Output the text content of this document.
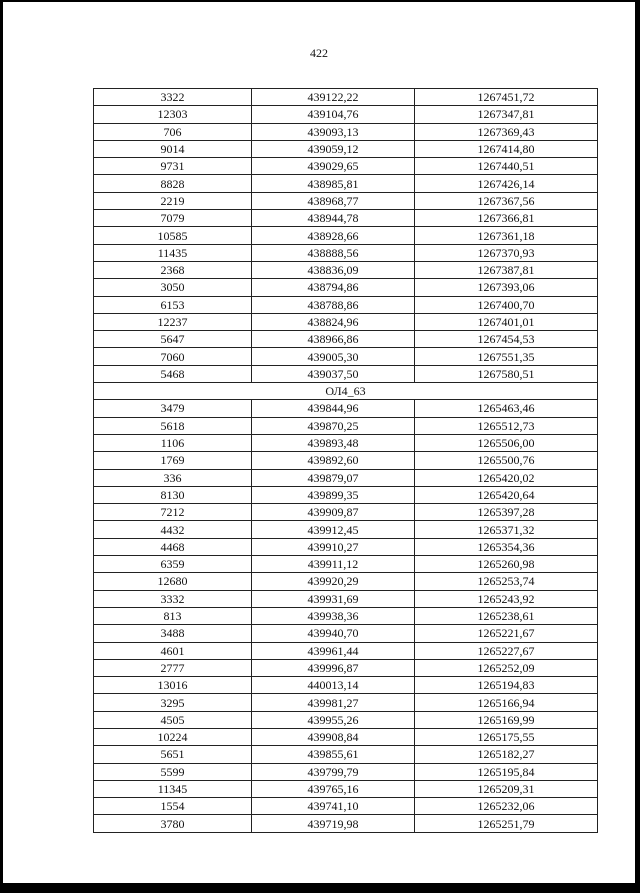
422
3322	439122,22	1267451,72
12303	439104,76	1267347,81
706	439093,13	1267369,43
9014	439059,12	1267414,80
9731	439029,65	1267440,51
8828	438985,81	1267426,14
2219	438968,77	1267367,56
7079	438944,78	1267366,81
10585	438928,66	1267361,18
11435	438888,56	1267370,93
2368	438836,09	1267387,81
3050	438794,86	1267393,06
6153	438788,86	1267400,70
12237	438824,96	1267401,01
5647	438966,86	1267454,53
7060	439005,30	1267551,35
5468	439037,50	1267580,51
ОЛ4_63		
3479	439844,96	1265463,46
5618	439870,25	1265512,73
1106	439893,48	1265506,00
1769	439892,60	1265500,76
336	439879,07	1265420,02
8130	439899,35	1265420,64
7212	439909,87	1265397,28
4432	439912,45	1265371,32
4468	439910,27	1265354,36
6359	439911,12	1265260,98
12680	439920,29	1265253,74
3332	439931,69	1265243,92
813	439938,36	1265238,61
3488	439940,70	1265221,67
4601	439961,44	1265227,67
2777	439996,87	1265252,09
13016	440013,14	1265194,83
3295	439981,27	1265166,94
4505	439955,26	1265169,99
10224	439908,84	1265175,55
5651	439855,61	1265182,27
5599	439799,79	1265195,84
11345	439765,16	1265209,31
1554	439741,10	1265232,06
3780	439719,98	1265251,79
